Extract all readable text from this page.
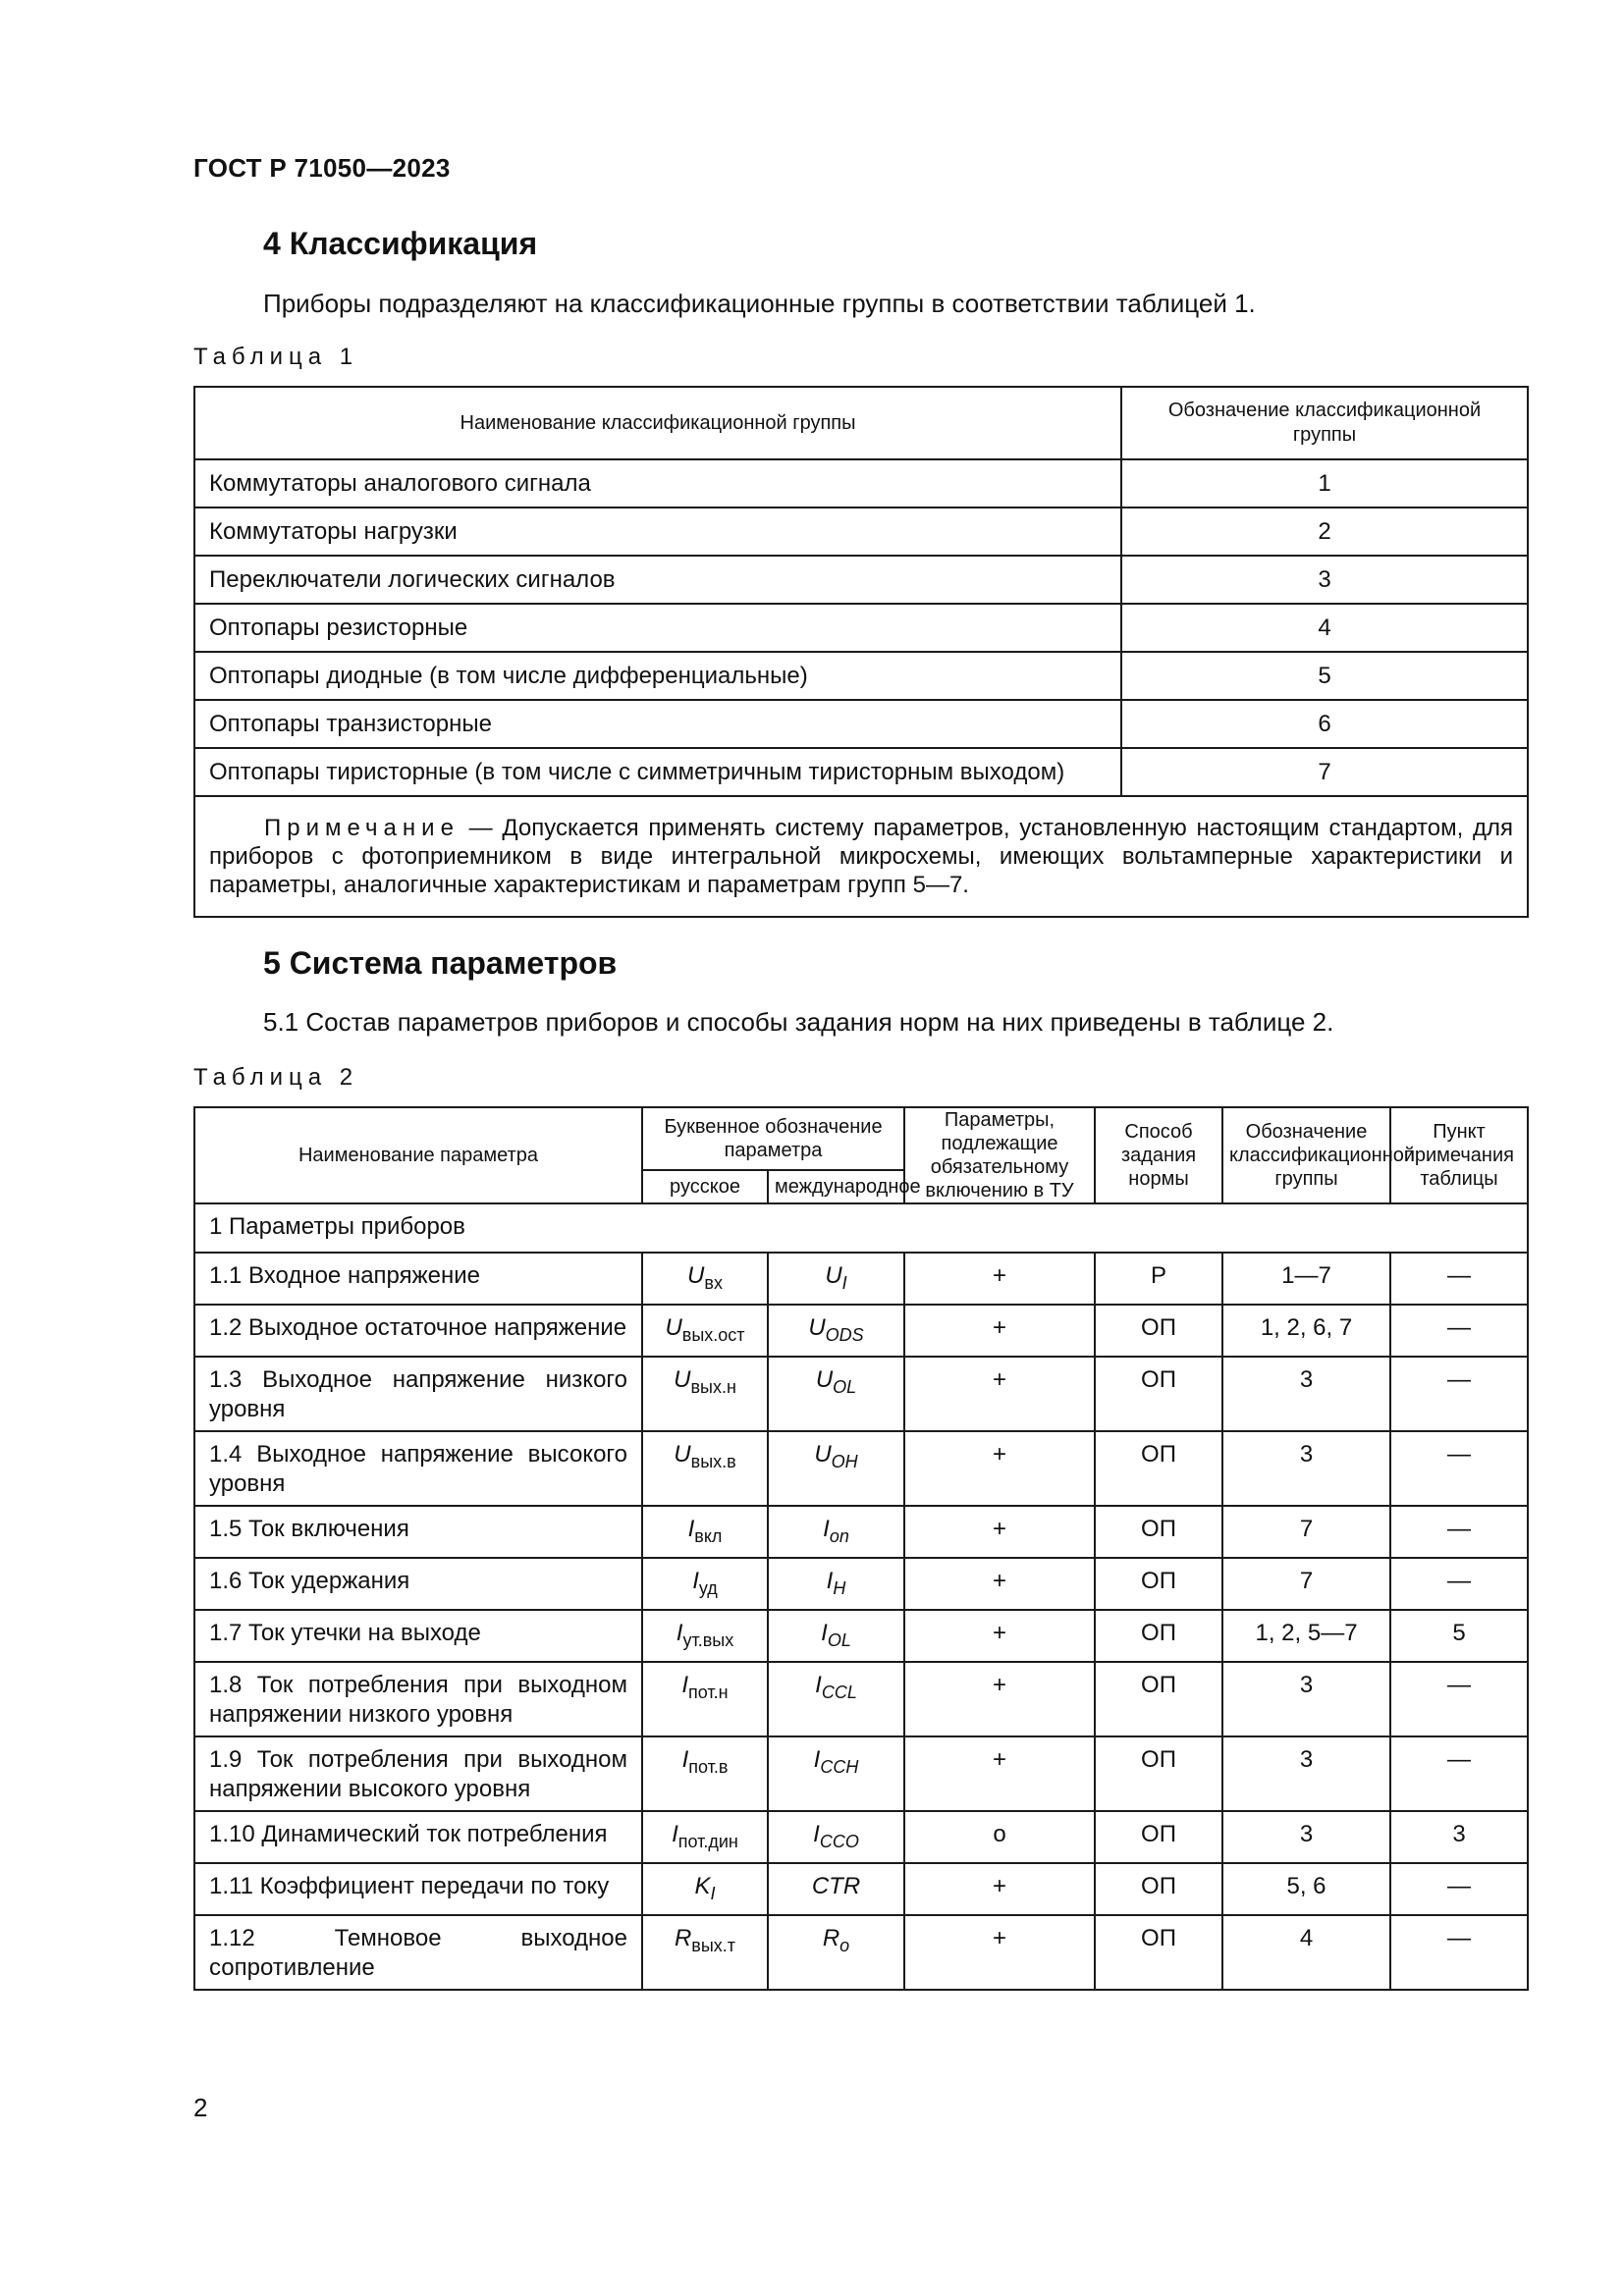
ГОСТ Р 71050—2023
4 Классификация
Приборы подразделяют на классификационные группы в соответствии таблицей 1.
Таблица 1
Наименование классификационной группы	Обозначение классификационной группы
Коммутаторы аналогового сигнала	1
Коммутаторы нагрузки	2
Переключатели логических сигналов	3
Оптопары резисторные	4
Оптопары диодные (в том числе дифференциальные)	5
Оптопары транзисторные	6
Оптопары тиристорные (в том числе с симметричным тиристорным выходом)	7
Примечание — Допускается применять систему параметров, установленную настоящим стандартом, для приборов с фотоприемником в виде интегральной микросхемы, имеющих вольтамперные характеристики и параметры, аналогичные характеристикам и параметрам групп 5—7.	
5 Система параметров
5.1 Состав параметров приборов и способы задания норм на них приведены в таблице 2.
Таблица 2
Наименование параметра	Буквенное обозначение параметра		Параметры, подлежащие обязательному включению в ТУ	Способ задания нормы	Обозначение классификационной группы	Пункт примечания таблицы
	русское	международное				
1 Параметры приборов						
1.1 Входное напряжение	$U_{вх}$	$U_I$	+	Р	1—7	—
1.2 Выходное остаточное напряжение	$U_{вых.ост}$	$U_{ODS}$	+	ОП	1, 2, 6, 7	—
1.3 Выходное напряжение низкого уровня	$U_{вых.н}$	$U_{OL}$	+	ОП	3	—
1.4 Выходное напряжение высокого уровня	$U_{вых.в}$	$U_{OH}$	+	ОП	3	—
1.5 Ток включения	$I_{вкл}$	$I_{on}$	+	ОП	7	—
1.6 Ток удержания	$I_{уд}$	$I_H$	+	ОП	7	—
1.7 Ток утечки на выходе	$I_{ут.вых}$	$I_{OL}$	+	ОП	1, 2, 5—7	5
1.8 Ток потребления при выходном напряжении низкого уровня	$I_{пот.н}$	$I_{CCL}$	+	ОП	3	—
1.9 Ток потребления при выходном напряжении высокого уровня	$I_{пот.в}$	$I_{CCH}$	+	ОП	3	—
1.10 Динамический ток потребления	$I_{пот.дин}$	$I_{CCO}$	o	ОП	3	3
1.11 Коэффициент передачи по току	$K_I$	CTR	+	ОП	5, 6	—
1.12 Темновое выходное сопротивление	$R_{вых.т}$	$R_o$	+	ОП	4	—
2
